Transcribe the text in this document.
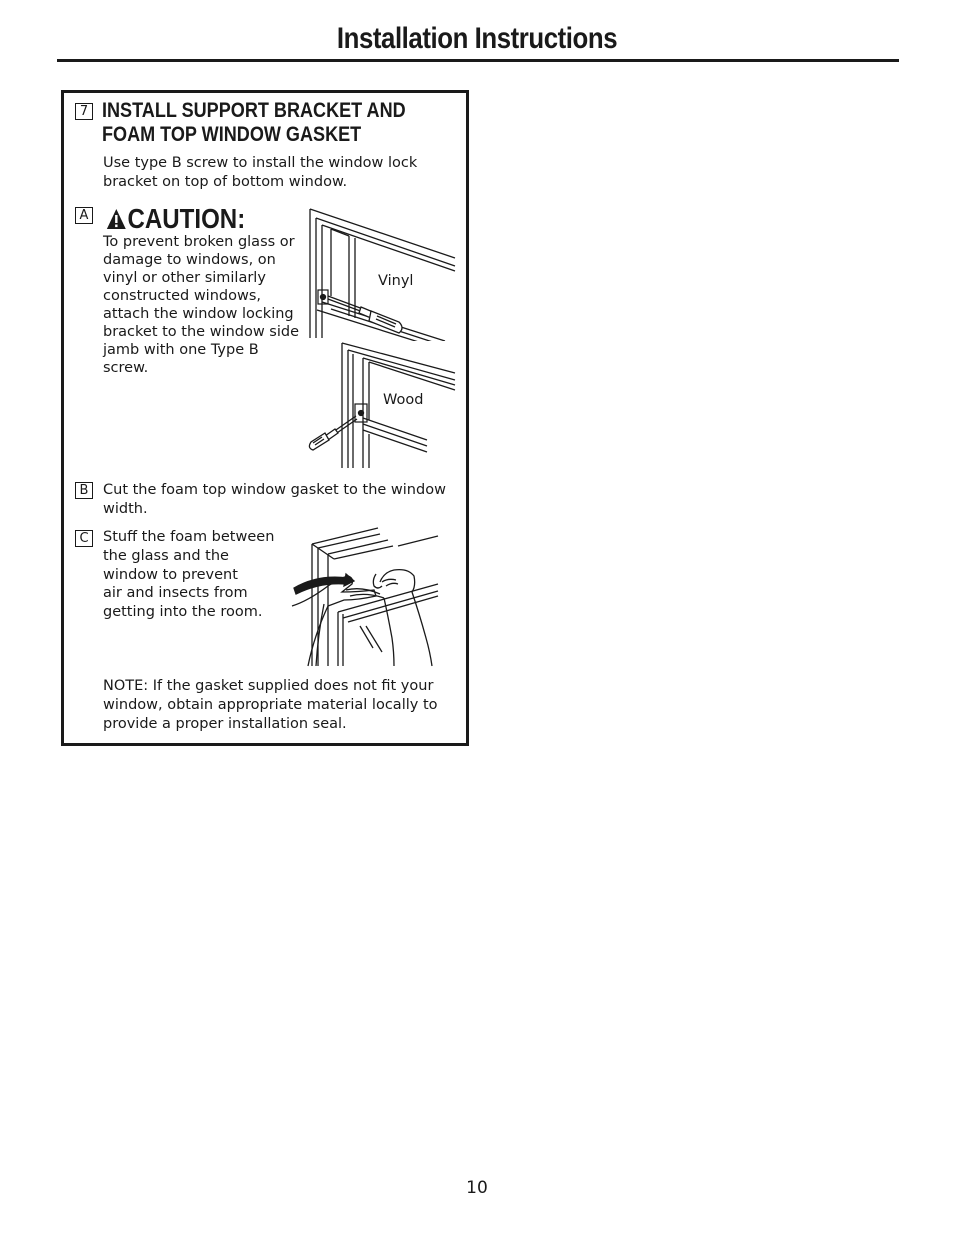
Installation Instructions
7 INSTALL SUPPORT BRACKET AND
FOAM TOP WINDOW GASKET
Use type B screw to install the window lock
bracket on top of bottom window.
A	CAUTION:
To prevent broken glass or
damage to windows, on
vinyl or other similarly
constructed windows,
attach the window locking
bracket to the window side
jamb with one Type B
screw.
Vinyl
Wood
B	Cut the foam top window gasket to the window
width.
C Stuff the foam between
the glass and the
window to prevent
air and insects from
getting into the room.
NOTE: If the gasket supplied does not fit your
window, obtain appropriate material locally to
provide a proper installation seal.
10
